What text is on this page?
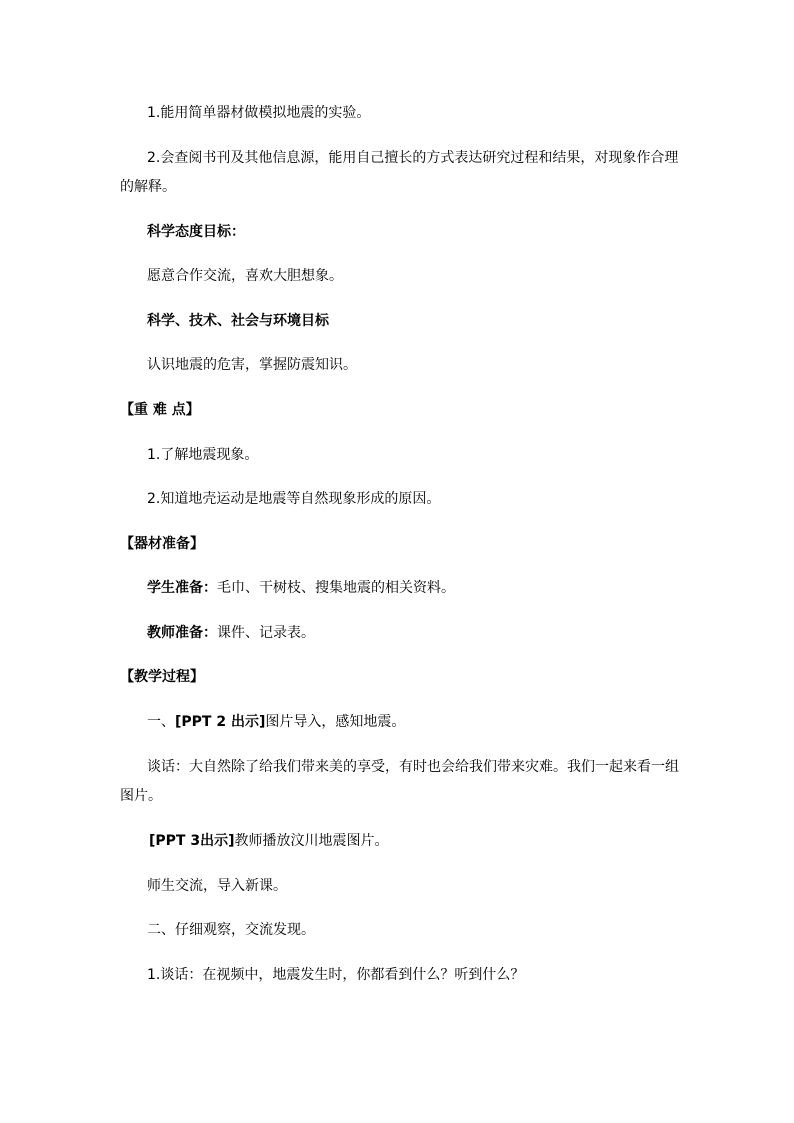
1.能用简单器材做模拟地震的实验。
2.会查阅书刊及其他信息源，能用自己擅长的方式表达研究过程和结果，对现象作合理
的解释。
科学态度目标：
愿意合作交流，喜欢大胆想象。
科学、技术、社会与环境目标
认识地震的危害，掌握防震知识。
【重 难 点】
1.了解地震现象。
2.知道地壳运动是地震等自然现象形成的原因。
【器材准备】
学生准备：毛巾、干树枝、搜集地震的相关资料。
教师准备：课件、记录表。
【教学过程】
一、[PPT 2 出示]图片导入，感知地震。
谈话：大自然除了给我们带来美的享受，有时也会给我们带来灾难。我们一起来看一组
图片。
[PPT 3出示]教师播放汶川地震图片。
师生交流，导入新课。
二、仔细观察，交流发现。
1.谈话：在视频中，地震发生时，你都看到什么？听到什么？
